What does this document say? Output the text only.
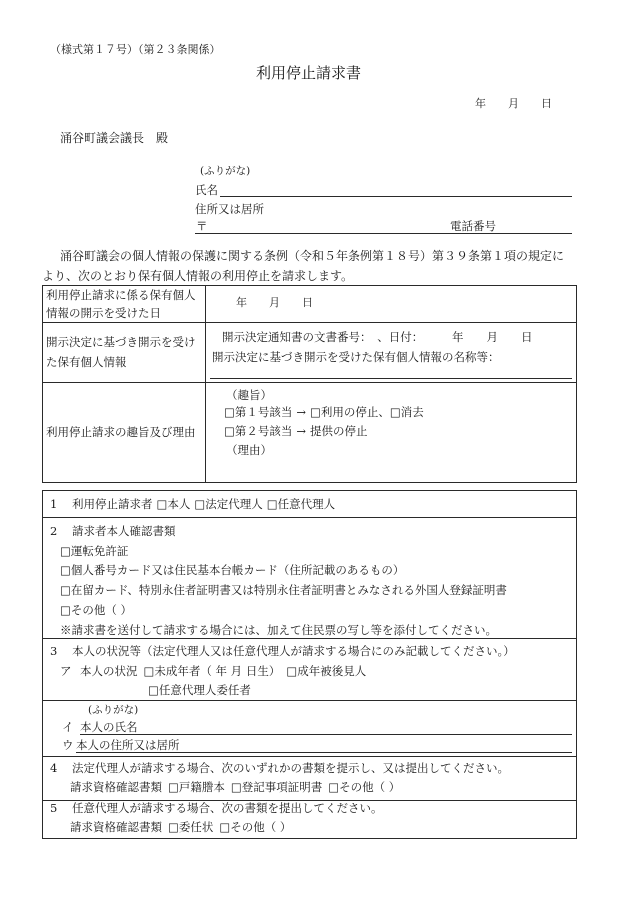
（様式第１７号）（第２３条関係）
利用停止請求書
年　　月　　日
涌谷町議会議長　殿
(ふりがな)
氏名
住所又は居所
〒	電話番号
涌谷町議会の個人情報の保護に関する条例（令和５年条例第１８号）第３９条第１項の規定に
より、次のとおり保有個人情報の利用停止を請求します。
利用停止請求に係る保有個人
情報の開示を受けた日
年　　月　　日
開示決定に基づき開示を受け
た保有個人情報
開示決定通知書の文書番号：　、日付：　　　年　　月　　日
開示決定に基づき開示を受けた保有個人情報の名称等：
利用停止請求の趣旨及び理由
（趣旨）
□第１号該当 → □利用の停止、□消去
□第２号該当 → 提供の停止
（理由）
1 利用停止請求者 □本人 □法定代理人 □任意代理人
2 請求者本人確認書類
□運転免許証
□個人番号カード又は住民基本台帳カード（住所記載のあるもの）
□在留カード、特別永住者証明書又は特別永住者証明書とみなされる外国人登録証明書
□その他（ ）
※請求書を送付して請求する場合には、加えて住民票の写し等を添付してください。
3 本人の状況等（法定代理人又は任意代理人が請求する場合にのみ記載してください。）
ア 本人の状況 □未成年者（ 年 月 日生） □成年被後見人
□任意代理人委任者
(ふりがな)
イ 本人の氏名
ウ 本人の住所又は居所
4 法定代理人が請求する場合、次のいずれかの書類を提示し、又は提出してください。
請求資格確認書類 □戸籍謄本 □登記事項証明書 □その他（ ）
5 任意代理人が請求する場合、次の書類を提出してください。
請求資格確認書類 □委任状 □その他（ ）
